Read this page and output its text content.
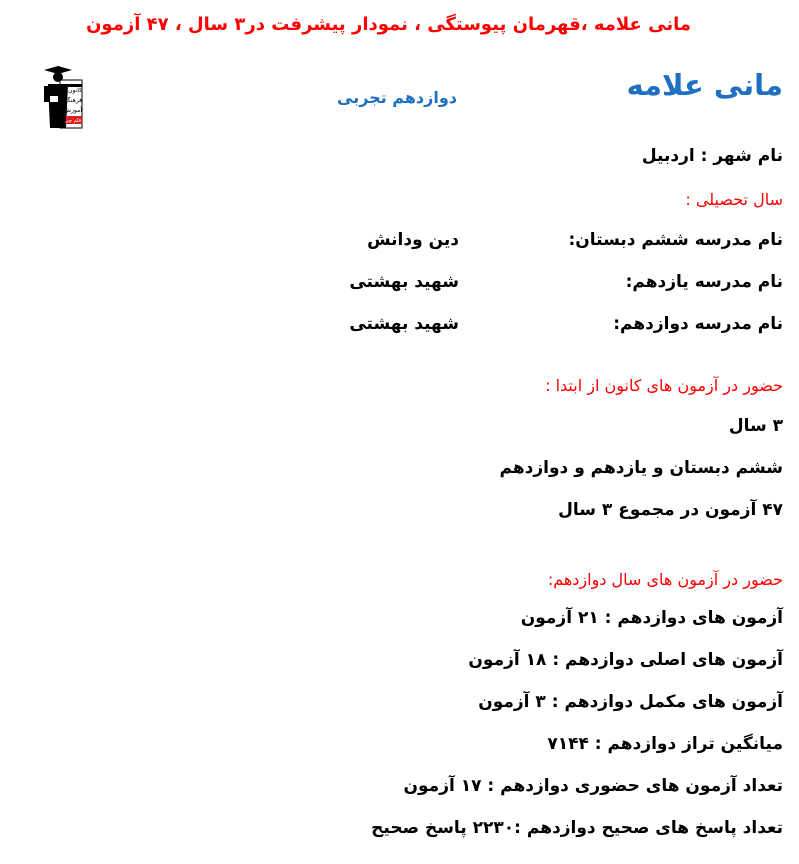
مانی علامه ،قهرمان پیوستگی ، نمودار پیشرفت در۳ سال ، ۴۷ آزمون
کانون
فرهنگی
آموزش
قلم چی
مانی علامه
دوازدهم تجربی
نام شهر : اردبیل
سال تحصیلی :
نام مدرسه ششم دبستان:
دین ودانش
نام مدرسه یازدهم:
شهید بهشتی
نام مدرسه دوازدهم:
شهید بهشتی
حضور در آزمون های کانون از ابتدا :
۳ سال
ششم دبستان و یازدهم و دوازدهم
۴۷ آزمون در مجموع ۳ سال
حضور در آزمون های سال دوازدهم:
آزمون های دوازدهم : ۲۱ آزمون
آزمون های اصلی دوازدهم : ۱۸ آزمون
آزمون های مکمل دوازدهم : ۳ آزمون
میانگین تراز دوازدهم : ۷۱۴۴
تعداد آزمون های حضوری دوازدهم : ۱۷ آزمون
تعداد پاسخ های صحیح دوازدهم :۲۲۳۰ پاسخ صحیح
